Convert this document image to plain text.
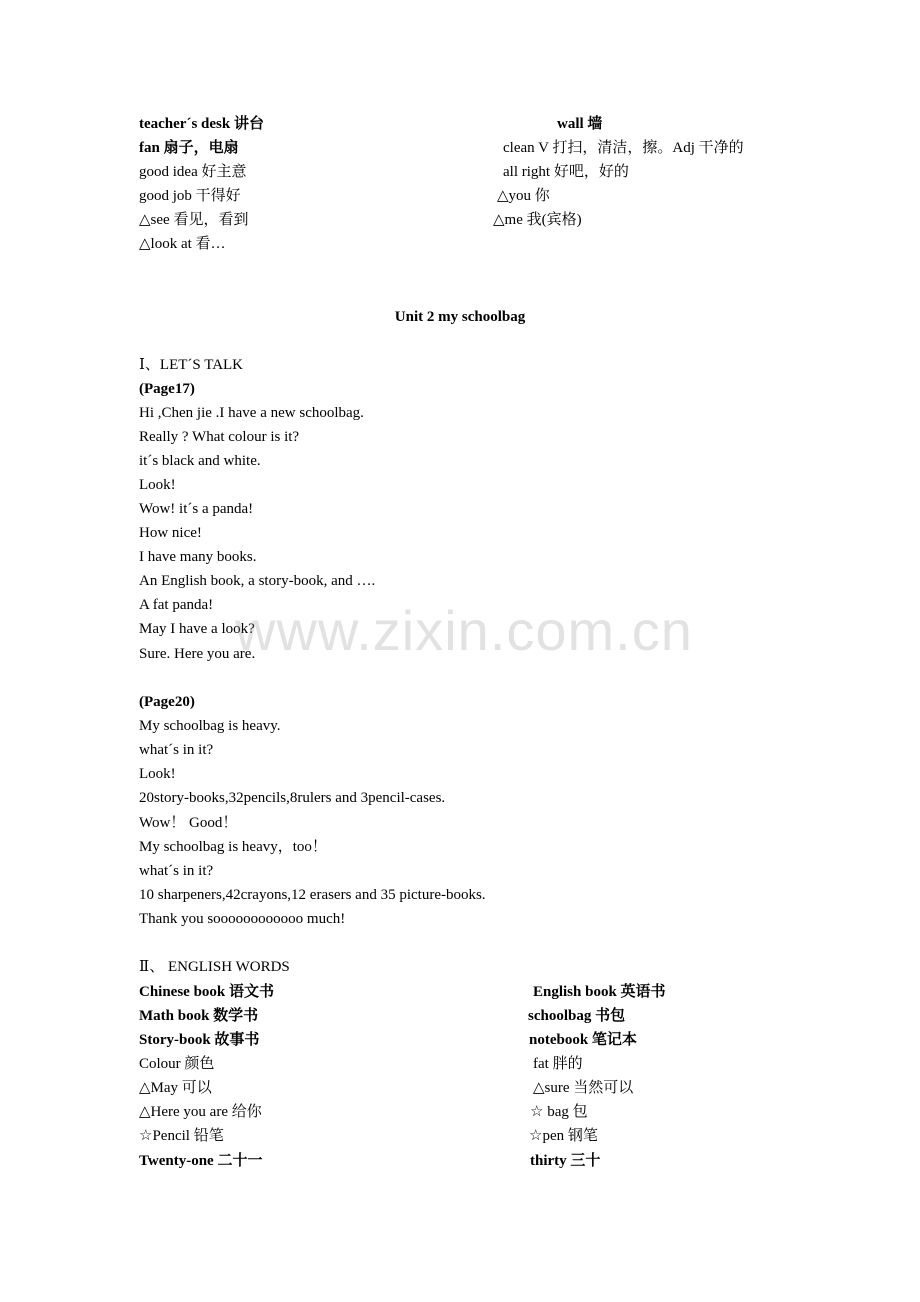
teacher´s desk 讲台	wall 墙
fan 扇子，电扇	clean V 打扫，清洁，擦。Adj 干净的
good idea 好主意	all right 好吧，好的
good job 干得好	△you 你
△see 看见，看到	△me 我(宾格)
△look at 看…
Unit 2 my schoolbag
Ⅰ、LET´S TALK
(Page17)
Hi ,Chen jie .I have a new schoolbag.
Really ? What colour is it?
it´s black and white.
Look!
Wow! it´s a panda!
How nice!
I have many books.
An English book, a story-book, and ….
A fat panda!
May I have a look?
Sure. Here you are.
(Page20)
My schoolbag is heavy.
what´s in it?
Look!
20story-books,32pencils,8rulers and 3pencil-cases.
Wow！ Good！
My schoolbag is heavy，too！
what´s in it?
10 sharpeners,42crayons,12 erasers and 35 picture-books.
Thank you soooooooooooo much!
Ⅱ、 ENGLISH WORDS
Chinese book 语文书	English book 英语书
Math book 数学书	schoolbag 书包
Story-book 故事书	notebook 笔记本
Colour 颜色	fat 胖的
△May 可以	△sure 当然可以
△Here you are 给你	☆ bag 包
☆Pencil 铅笔	☆pen 钢笔
Twenty-one 二十一	thirty 三十
www.zixin.com.cn
